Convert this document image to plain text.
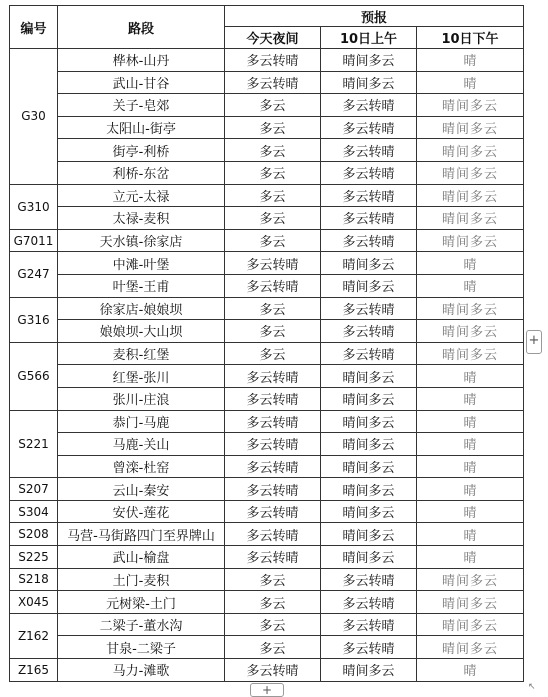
编号	路段	预报		
		今天夜间	10日上午	10日下午
G30	桦林-山丹	多云转晴	晴间多云	晴
	武山-甘谷	多云转晴	晴间多云	晴
	关子-皂郊	多云	多云转晴	晴间多云
	太阳山-街亭	多云	多云转晴	晴间多云
	街亭-利桥	多云	多云转晴	晴间多云
	利桥-东岔	多云	多云转晴	晴间多云
G310	立元-太禄	多云	多云转晴	晴间多云
	太禄-麦积	多云	多云转晴	晴间多云
G7011	天水镇-徐家店	多云	多云转晴	晴间多云
G247	中滩-叶堡	多云转晴	晴间多云	晴
	叶堡-王甫	多云转晴	晴间多云	晴
G316	徐家店-娘娘坝	多云	多云转晴	晴间多云
	娘娘坝-大山坝	多云	多云转晴	晴间多云
G566	麦积-红堡	多云	多云转晴	晴间多云
	红堡-张川	多云转晴	晴间多云	晴
	张川-庄浪	多云转晴	晴间多云	晴
S221	恭门-马鹿	多云转晴	晴间多云	晴
	马鹿-关山	多云转晴	晴间多云	晴
	曾滦-杜窑	多云转晴	晴间多云	晴
S207	云山-秦安	多云转晴	晴间多云	晴
S304	安伏-莲花	多云转晴	晴间多云	晴
S208	马营-马街路四门至界牌山	多云转晴	晴间多云	晴
S225	武山-榆盘	多云转晴	晴间多云	晴
S218	土门-麦积	多云	多云转晴	晴间多云
X045	元树梁-土门	多云	多云转晴	晴间多云
Z162	二梁子-董水沟	多云	多云转晴	晴间多云
	甘泉-二梁子	多云	多云转晴	晴间多云
Z165	马力-滩歌	多云转晴	晴间多云	晴
+
+	↖
